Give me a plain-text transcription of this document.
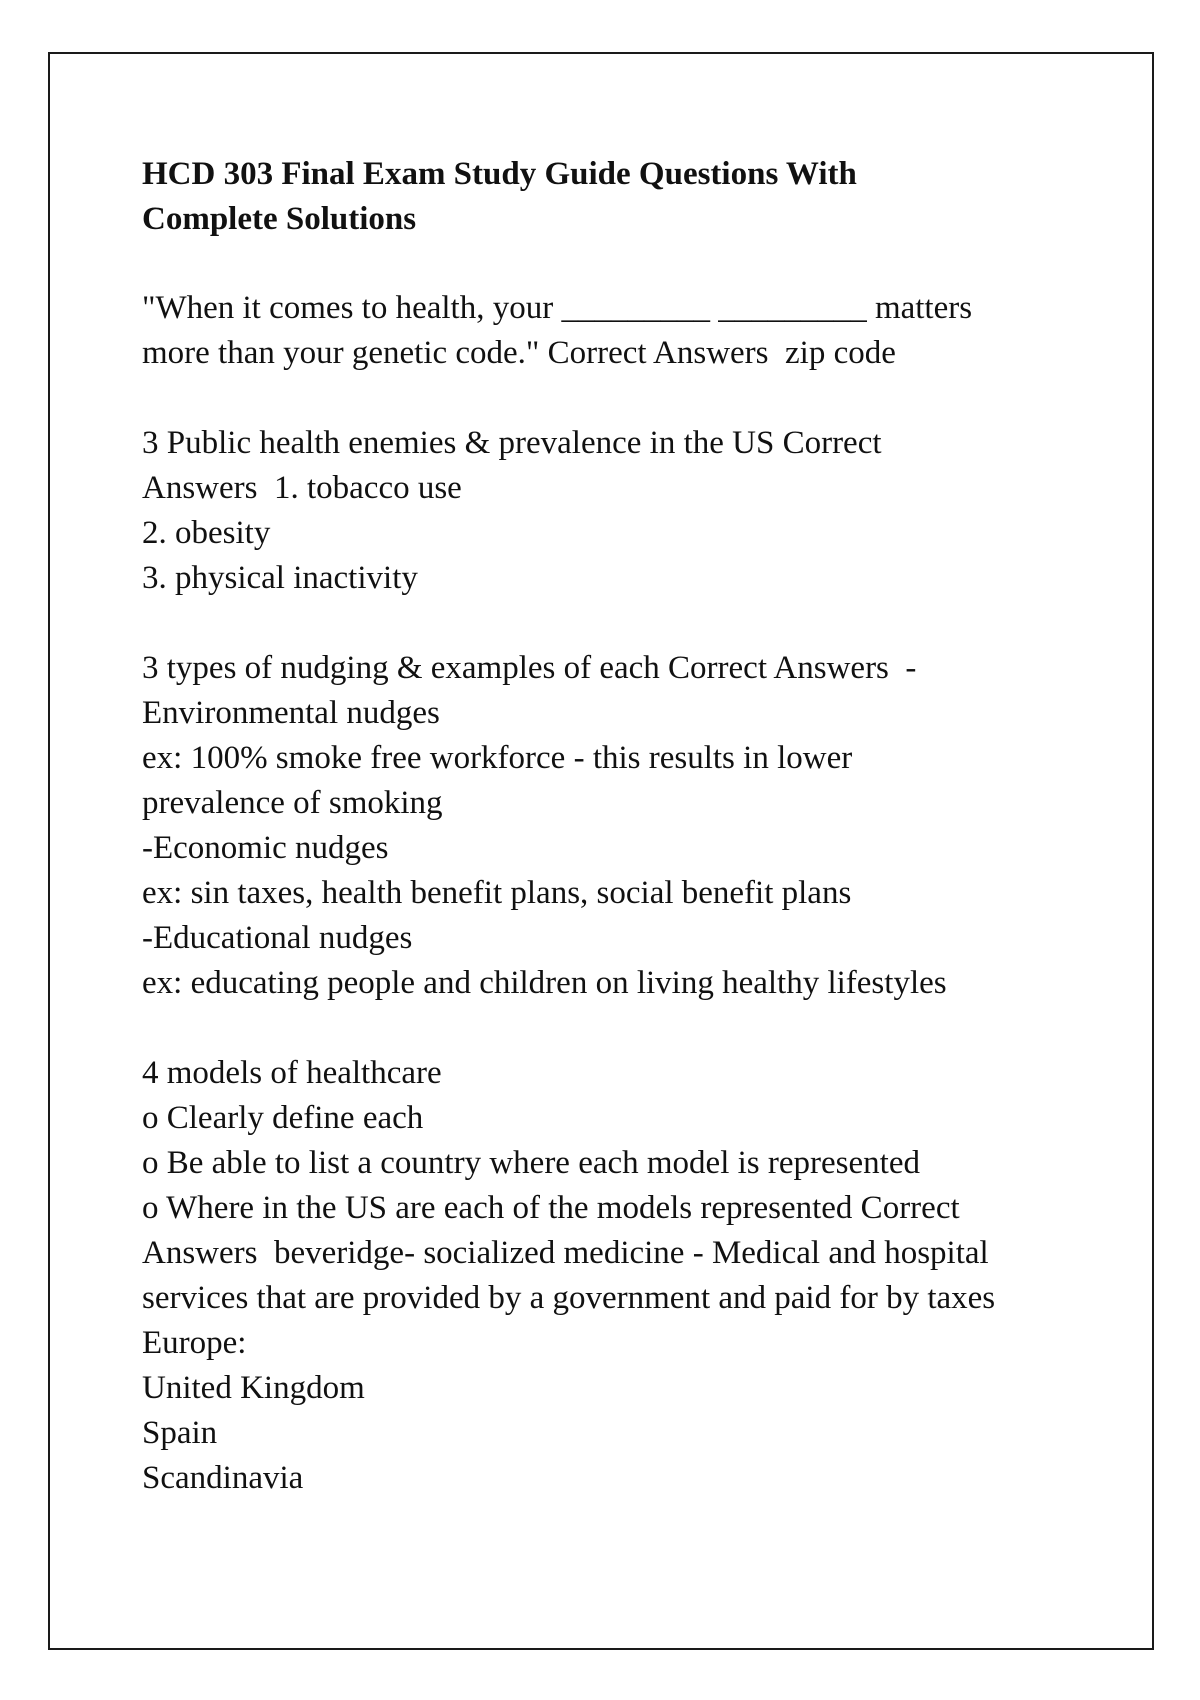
HCD 303 Final Exam Study Guide Questions With
Complete Solutions
"When it comes to health, your _________ _________ matters
more than your genetic code." Correct Answers  zip code
3 Public health enemies & prevalence in the US Correct
Answers  1. tobacco use
2. obesity
3. physical inactivity
3 types of nudging & examples of each Correct Answers  -
Environmental nudges
ex: 100% smoke free workforce - this results in lower
prevalence of smoking
-Economic nudges
ex: sin taxes, health benefit plans, social benefit plans
-Educational nudges
ex: educating people and children on living healthy lifestyles
4 models of healthcare
o Clearly define each
o Be able to list a country where each model is represented
o Where in the US are each of the models represented Correct
Answers  beveridge- socialized medicine - Medical and hospital
services that are provided by a government and paid for by taxes
Europe:
United Kingdom
Spain
Scandinavia
